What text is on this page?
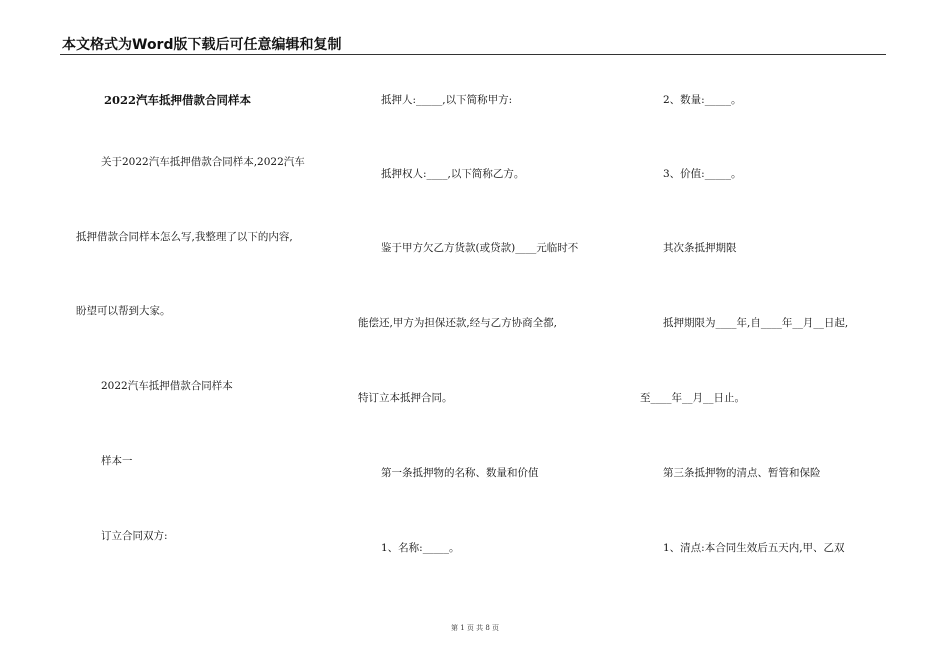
本文格式为Word版下载后可任意编辑和复制
2022汽车抵押借款合同样本
关于2022汽车抵押借款合同样本,2022汽车
抵押借款合同样本怎么写,我整理了以下的内容,
盼望可以帮到大家。
2022汽车抵押借款合同样本
样本一
订立合同双方:
抵押人:_____,以下简称甲方:
抵押权人:____,以下简称乙方。
鉴于甲方欠乙方货款(或贷款)____元临时不
能偿还,甲方为担保还款,经与乙方协商全都,
特订立本抵押合同。
第一条抵押物的名称、数量和价值
1、名称:_____。
2、数量:_____。
3、价值:_____。
其次条抵押期限
抵押期限为____年,自____年__月__日起,
至____年__月__日止。
第三条抵押物的清点、暂管和保险
1、清点:本合同生效后五天内,甲、乙双
第 1 页 共 8 页
